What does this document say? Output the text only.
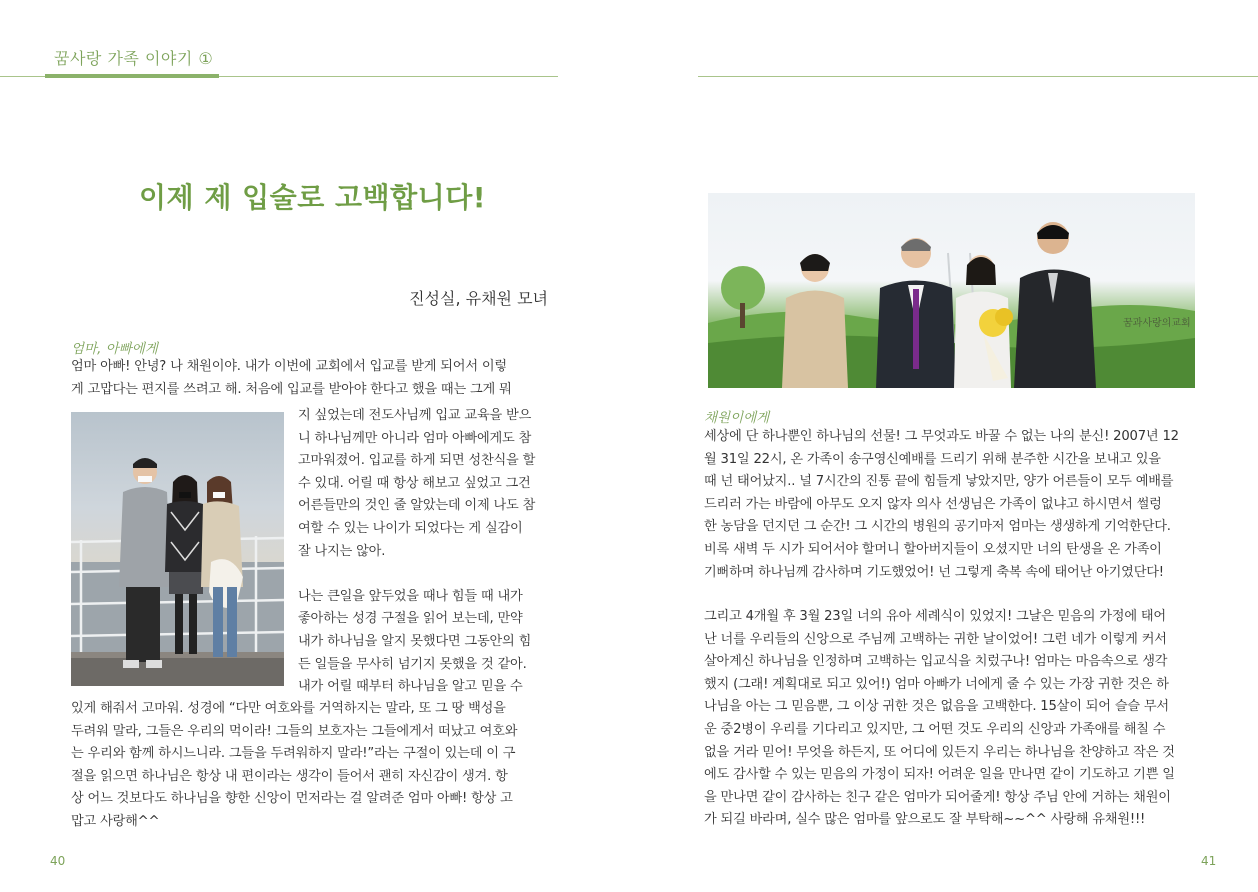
꿈사랑 가족 이야기 ①
이제 제 입술로 고백합니다!
진성실, 유채원 모녀
엄마, 아빠에게
엄마 아빠! 안녕? 나 채원이야. 내가 이번에 교회에서 입교를 받게 되어서 이렇
게 고맙다는 편지를 쓰려고 해. 처음에 입교를 받아야 한다고 했을 때는 그게 뭐
지 싶었는데 전도사님께 입교 교육을 받으
니 하나님께만 아니라 엄마 아빠에게도 참
고마워졌어. 입교를 하게 되면 성찬식을 할
수 있대. 어릴 때 항상 해보고 싶었고 그건
어른들만의 것인 줄 알았는데 이제 나도 참
여할 수 있는 나이가 되었다는 게 실감이
잘 나지는 않아.
나는 큰일을 앞두었을 때나 힘들 때 내가
좋아하는 성경 구절을 읽어 보는데, 만약
내가 하나님을 알지 못했다면 그동안의 힘
든 일들을 무사히 넘기지 못했을 것 같아.
내가 어릴 때부터 하나님을 알고 믿을 수
있게 해줘서 고마워. 성경에 “다만 여호와를 거역하지는 말라, 또 그 땅 백성을
두려워 말라, 그들은 우리의 먹이라! 그들의 보호자는 그들에게서 떠났고 여호와
는 우리와 함께 하시느니라. 그들을 두려워하지 말라!”라는 구절이 있는데 이 구
절을 읽으면 하나님은 항상 내 편이라는 생각이 들어서 괜히 자신감이 생겨. 항
상 어느 것보다도 하나님을 향한 신앙이 먼저라는 걸 알려준 엄마 아빠! 항상 고
맙고 사랑해^^
꿈과사랑의교회
채원이에게
세상에 단 하나뿐인 하나님의 선물! 그 무엇과도 바꿀 수 없는 나의 분신! 2007년 12
월 31일 22시, 온 가족이 송구영신예배를 드리기 위해 분주한 시간을 보내고 있을
때 넌 태어났지.. 널 7시간의 진통 끝에 힘들게 낳았지만, 양가 어른들이 모두 예배를
드리러 가는 바람에 아무도 오지 않자 의사 선생님은 가족이 없냐고 하시면서 썰렁
한 농담을 던지던 그 순간! 그 시간의 병원의 공기마저 엄마는 생생하게 기억한단다.
비록 새벽 두 시가 되어서야 할머니 할아버지들이 오셨지만 너의 탄생을 온 가족이
기뻐하며 하나님께 감사하며 기도했었어! 넌 그렇게 축복 속에 태어난 아기였단다!
그리고 4개월 후 3월 23일 너의 유아 세례식이 있었지! 그날은 믿음의 가정에 태어
난 너를 우리들의 신앙으로 주님께 고백하는 귀한 날이었어! 그런 네가 이렇게 커서
살아계신 하나님을 인정하며 고백하는 입교식을 치렀구나! 엄마는 마음속으로 생각
했지 (그래! 계획대로 되고 있어!) 엄마 아빠가 너에게 줄 수 있는 가장 귀한 것은 하
나님을 아는 그 믿음뿐, 그 이상 귀한 것은 없음을 고백한다. 15살이 되어 슬슬 무서
운 중2병이 우리를 기다리고 있지만, 그 어떤 것도 우리의 신앙과 가족애를 해칠 수
없을 거라 믿어! 무엇을 하든지, 또 어디에 있든지 우리는 하나님을 찬양하고 작은 것
에도 감사할 수 있는 믿음의 가정이 되자! 어려운 일을 만나면 같이 기도하고 기쁜 일
을 만나면 같이 감사하는 친구 같은 엄마가 되어줄게! 항상 주님 안에 거하는 채원이
가 되길 바라며, 실수 많은 엄마를 앞으로도 잘 부탁해~~^^ 사랑해 유채원!!!
40	41
